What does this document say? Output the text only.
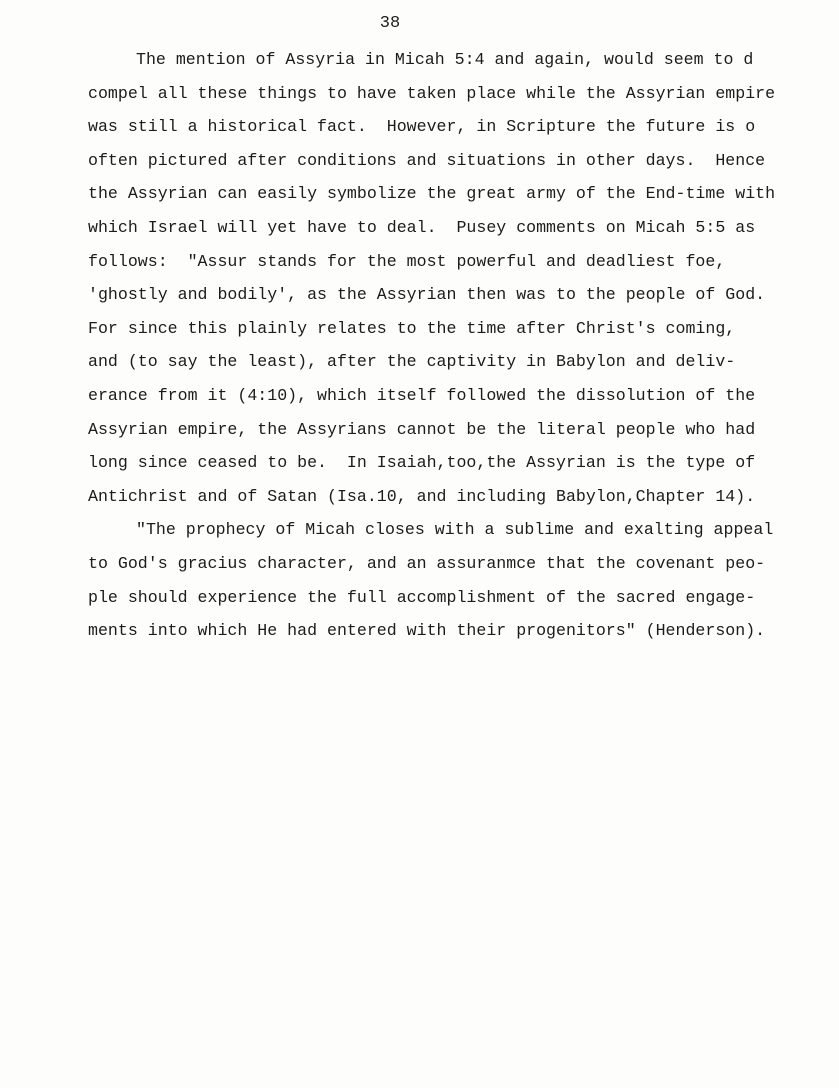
38
The mention of Assyria in Micah 5:4 and again, would seem to d
compel all these things to have taken place while the Assyrian empire
was still a historical fact.  However, in Scripture the future is o
often pictured after conditions and situations in other days.  Hence
the Assyrian can easily symbolize the great army of the End-time with
which Israel will yet have to deal.  Pusey comments on Micah 5:5 as
follows:  "Assur stands for the most powerful and deadliest foe,
'ghostly and bodily', as the Assyrian then was to the people of God.
For since this plainly relates to the time after Christ's coming,
and (to say the least), after the captivity in Babylon and deliv-
erance from it (4:10), which itself followed the dissolution of the
Assyrian empire, the Assyrians cannot be the literal people who had
long since ceased to be.  In Isaiah,too,the Assyrian is the type of
Antichrist and of Satan (Isa.10, and including Babylon,Chapter 14).
"The prophecy of Micah closes with a sublime and exalting appeal
to God's gracius character, and an assuranmce that the covenant peo-
ple should experience the full accomplishment of the sacred engage-
ments into which He had entered with their progenitors" (Henderson).
